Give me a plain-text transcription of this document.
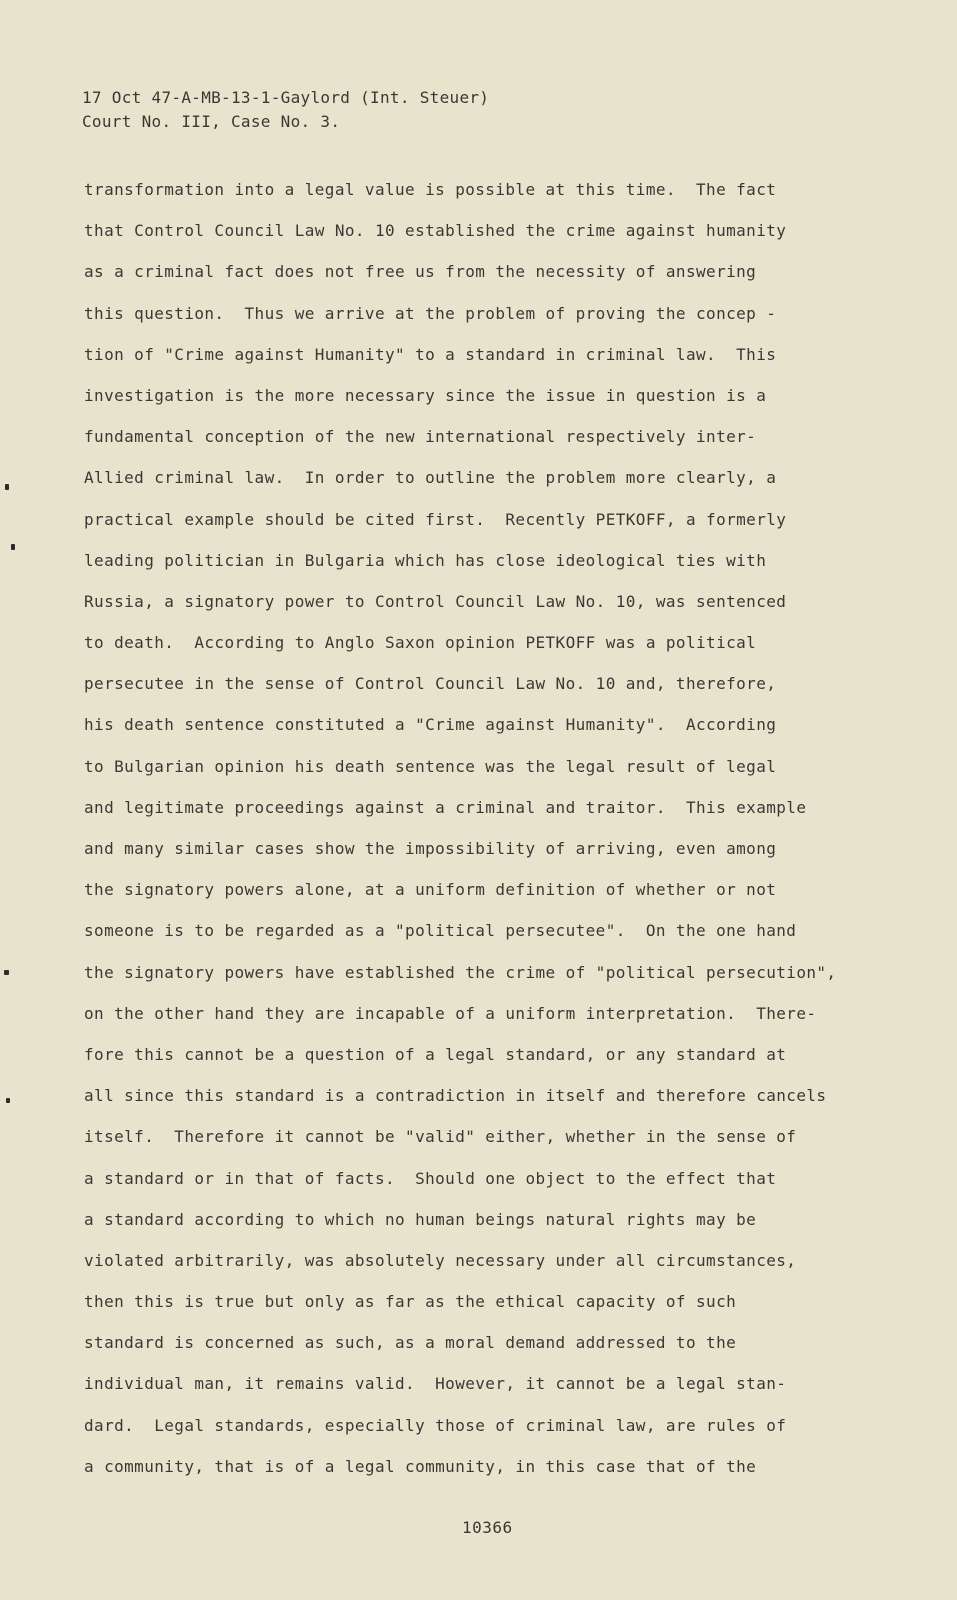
17 Oct 47-A-MB-13-1-Gaylord (Int. Steuer)
Court No. III, Case No. 3.
transformation into a legal value is possible at this time.  The fact
that Control Council Law No. 10 established the crime against humanity
as a criminal fact does not free us from the necessity of answering
this question.  Thus we arrive at the problem of proving the concep -
tion of "Crime against Humanity" to a standard in criminal law.  This
investigation is the more necessary since the issue in question is a
fundamental conception of the new international respectively inter-
Allied criminal law.  In order to outline the problem more clearly, a
practical example should be cited first.  Recently PETKOFF, a formerly
leading politician in Bulgaria which has close ideological ties with
Russia, a signatory power to Control Council Law No. 10, was sentenced
to death.  According to Anglo Saxon opinion PETKOFF was a political
persecutee in the sense of Control Council Law No. 10 and, therefore,
his death sentence constituted a "Crime against Humanity".  According
to Bulgarian opinion his death sentence was the legal result of legal
and legitimate proceedings against a criminal and traitor.  This example
and many similar cases show the impossibility of arriving, even among
the signatory powers alone, at a uniform definition of whether or not
someone is to be regarded as a "political persecutee".  On the one hand
the signatory powers have established the crime of "political persecution",
on the other hand they are incapable of a uniform interpretation.  There-
fore this cannot be a question of a legal standard, or any standard at
all since this standard is a contradiction in itself and therefore cancels
itself.  Therefore it cannot be "valid" either, whether in the sense of
a standard or in that of facts.  Should one object to the effect that
a standard according to which no human beings natural rights may be
violated arbitrarily, was absolutely necessary under all circumstances,
then this is true but only as far as the ethical capacity of such
standard is concerned as such, as a moral demand addressed to the
individual man, it remains valid.  However, it cannot be a legal stan-
dard.  Legal standards, especially those of criminal law, are rules of
a community, that is of a legal community, in this case that of the
10366
